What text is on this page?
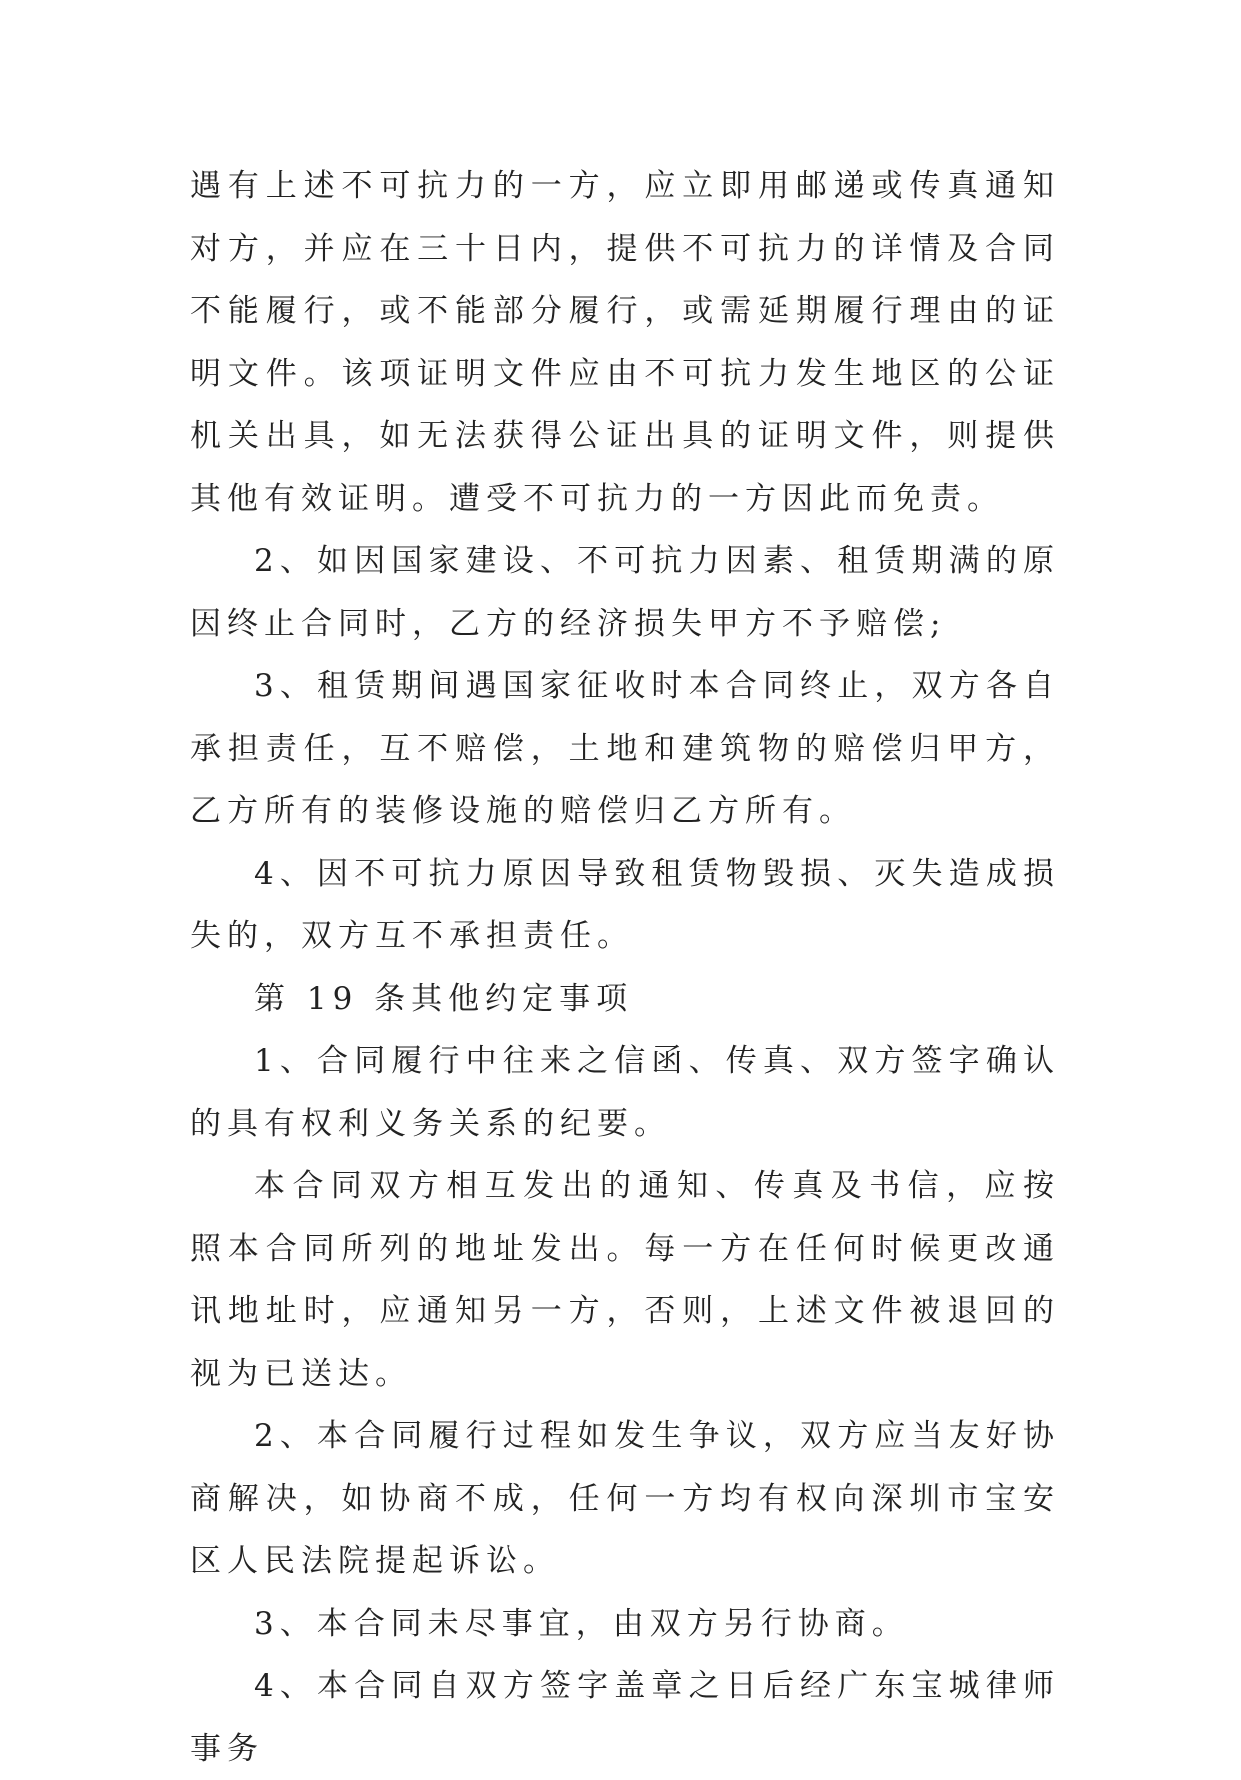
遇有上述不可抗力的一方，应立即用邮递或传真通知对方，并应在三十日内，提供不可抗力的详情及合同不能履行，或不能部分履行，或需延期履行理由的证明文件。该项证明文件应由不可抗力发生地区的公证机关出具，如无法获得公证出具的证明文件，则提供其他有效证明。遭受不可抗力的一方因此而免责。

2、如因国家建设、不可抗力因素、租赁期满的原因终止合同时，乙方的经济损失甲方不予赔偿;

3、租赁期间遇国家征收时本合同终止，双方各自承担责任，互不赔偿，土地和建筑物的赔偿归甲方，乙方所有的装修设施的赔偿归乙方所有。

4、因不可抗力原因导致租赁物毁损、灭失造成损失的，双方互不承担责任。

第 19 条其他约定事项

1、合同履行中往来之信函、传真、双方签字确认的具有权利义务关系的纪要。

本合同双方相互发出的通知、传真及书信，应按照本合同所列的地址发出。每一方在任何时候更改通讯地址时，应通知另一方，否则，上述文件被退回的视为已送达。

2、本合同履行过程如发生争议，双方应当友好协商解决，如协商不成，任何一方均有权向深圳市宝安区人民法院提起诉讼。

3、本合同未尽事宜，由双方另行协商。

4、本合同自双方签字盖章之日后经广东宝城律师事务
